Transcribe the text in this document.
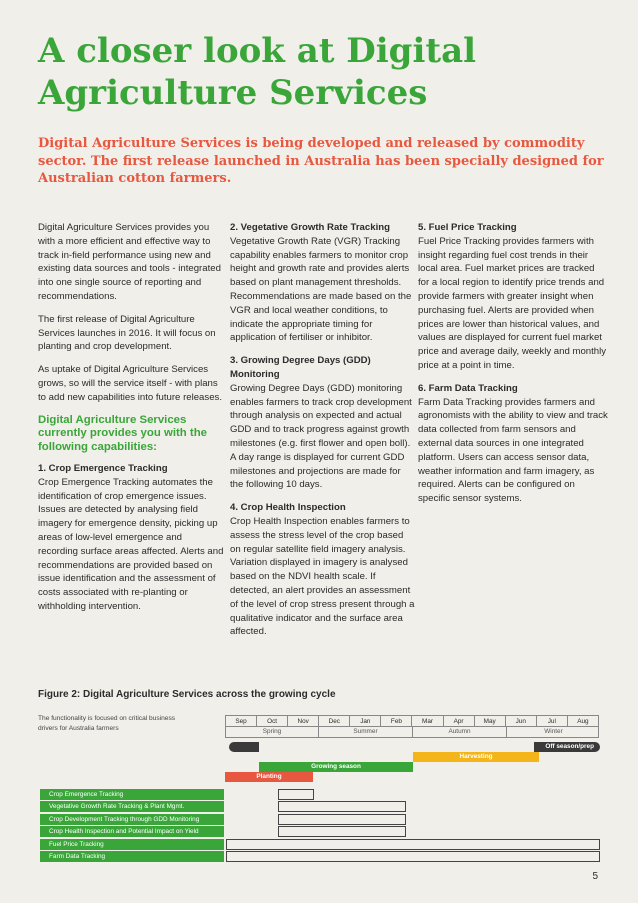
A closer look at Digital Agriculture Services

Digital Agriculture Services is being developed and released by commodity sector. The first release launched in Australia has been specially designed for Australian cotton farmers.

Digital Agriculture Services provides you with a more efficient and effective way to track in-field performance using new and existing data sources and tools - integrated into one single source of reporting and recommendations.

The first release of Digital Agriculture Services launches in 2016. It will focus on planting and crop development.

As uptake of Digital Agriculture Services grows, so will the service itself - with plans to add new capabilities into future releases.

Digital Agriculture Services currently provides you with the following capabilities:
1. Crop Emergence Tracking
Crop Emergence Tracking automates the identification of crop emergence issues. Issues are detected by analysing field imagery for emergence density, picking up areas of low-level emergence and recording surface areas affected. Alerts and recommendations are provided based on issue identification and the assessment of costs associated with re-planting or withholding intervention.
2. Vegetative Growth Rate Tracking
Vegetative Growth Rate (VGR) Tracking capability enables farmers to monitor crop height and growth rate and provides alerts based on plant management thresholds. Recommendations are made based on the VGR and local weather conditions, to indicate the appropriate timing for application of fertiliser or inhibitor.
3. Growing Degree Days (GDD) Monitoring
Growing Degree Days (GDD) monitoring enables farmers to track crop development through analysis on expected and actual GDD and to track progress against growth milestones (e.g. first flower and open boll). A day range is displayed for current GDD milestones and projections are made for the following 10 days.
4. Crop Health Inspection
Crop Health Inspection enables farmers to assess the stress level of the crop based on regular satellite field imagery analysis. Variation displayed in imagery is analysed based on the NDVI health scale. If detected, an alert provides an assessment of the level of crop stress present through a qualitative indicator and the surface area affected.
5. Fuel Price Tracking
Fuel Price Tracking provides farmers with insight regarding fuel cost trends in their local area. Fuel market prices are tracked for a local region to identify price trends and provide farmers with greater insight when purchasing fuel. Alerts are provided when prices are lower than historical values, and values are displayed for current fuel market price and average daily, weekly and monthly price at a point in time.
6. Farm Data Tracking
Farm Data Tracking provides farmers and agronomists with the ability to view and track data collected from farm sensors and external data sources in one integrated platform. Users can access sensor data, weather information and farm imagery, as required. Alerts can be configured on specific sensor systems.
Figure 2: Digital Agriculture Services across the growing cycle
The functionality is focused on critical business drivers for Australia farmers
Sep	Oct	Nov	Dec	Jan	Feb	Mar	Apr	May	Jun	Jul	Aug
Spring	Summer	Autumn	Winter
Off season/prep
Harvesting
Growing season
Planting
Crop Emergence Tracking
Vegetative Growth Rate Tracking & Plant Mgmt.
Crop Development Tracking through GDD Monitoring
Crop Health Inspection and Potential Impact on Yield
Fuel Price Tracking
Farm Data Tracking
5
